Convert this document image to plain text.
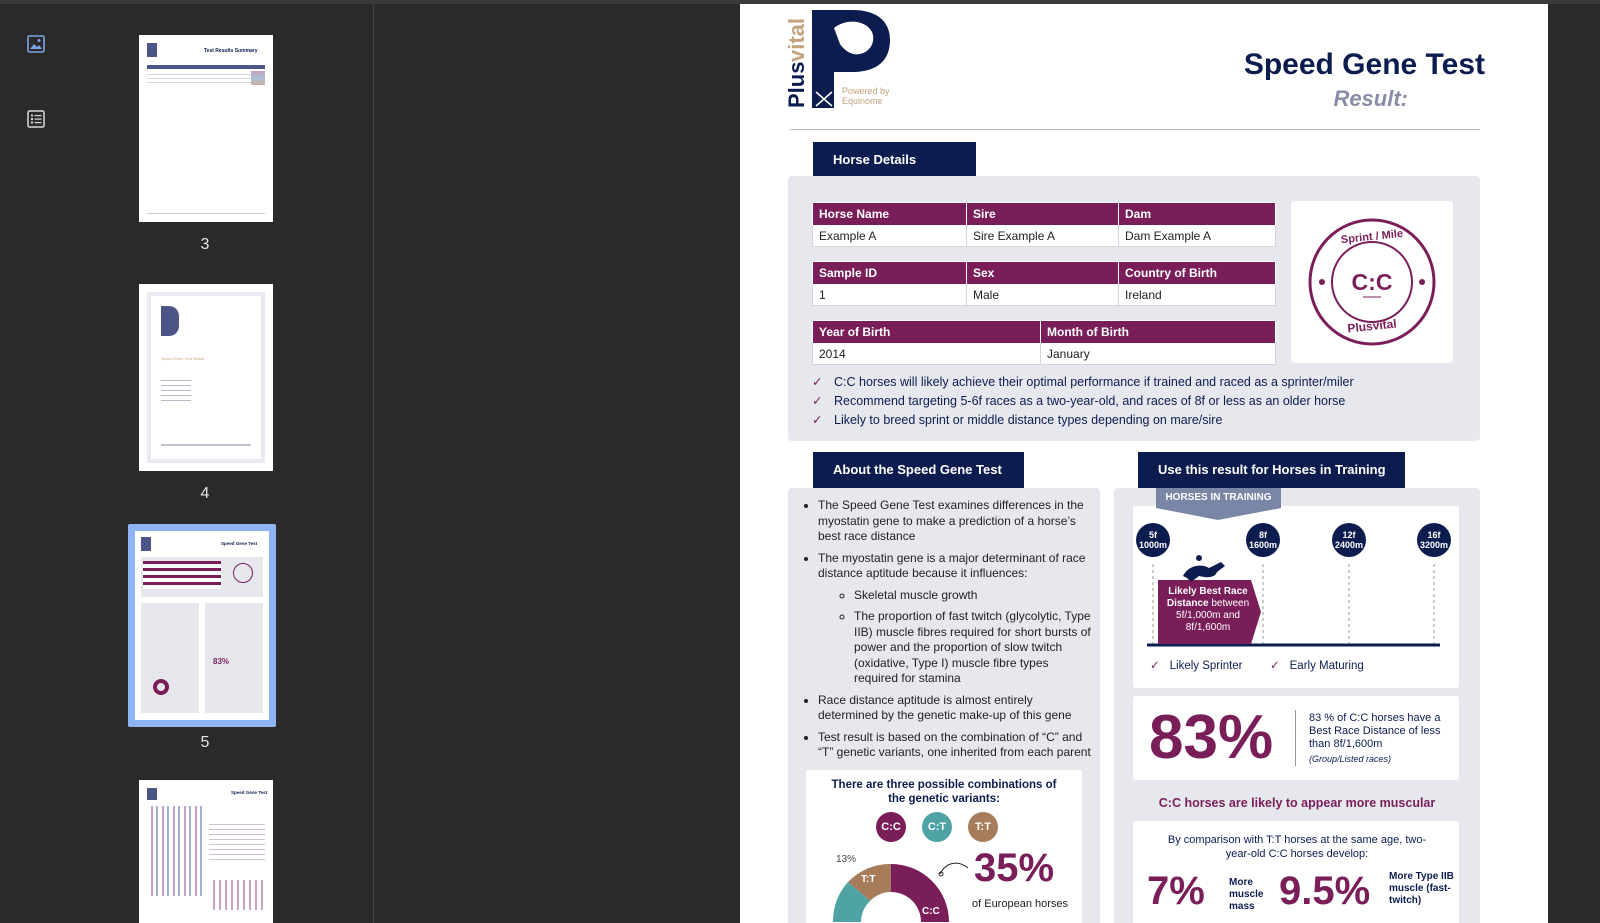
Test Results Summary
3
Speed Gene Test Result
4
Speed Gene Test
83%
5
Speed Gene Test
Plus
vital
Powered by
Equinome
Speed Gene Test
Result:
Horse Details
Horse Name	Sire	Dam
Example A	Sire Example A	Dam Example A
Sample ID	Sex	Country of Birth
1	Male	Ireland
Year of Birth	Month of Birth
2014	January
C:C
Sprint / Mile
Plusvital
✓ C:C horses will likely achieve their optimal performance if trained and raced as a sprinter/miler
✓ Recommend targeting 5-6f races as a two-year-old, and races of 8f or less as an older horse
✓ Likely to breed sprint or middle distance types depending on mare/sire
About the Speed Gene Test
• The Speed Gene Test examines differences in the myostatin gene to make a prediction of a horse’s best race distance
• The myostatin gene is a major determinant of race distance aptitude because it influences:
◦ Skeletal muscle growth
◦ The proportion of fast twitch (glycolytic, Type IIB) muscle fibres required for short bursts of power and the proportion of slow twitch (oxidative, Type I) muscle fibre types required for stamina
• Race distance aptitude is almost entirely determined by the genetic make-up of this gene
• Test result is based on the combination of “C” and “T” genetic variants, one inherited from each parent
There are three possible combinations of the genetic variants:
C:C	C:T	T:T
13%
T:T
C:C
35%
of European horses
Use this result for Horses in Training
HORSES IN TRAINING
5f
1000m
8f
1600m
12f
2400m
16f
3200m
Likely Best Race Distance between 5f/1,000m and 8f/1,600m
✓ Likely Sprinter ✓ Early Maturing
83%	83 % of C:C horses have a Best Race Distance of less than 8f/1,600m
(Group/Listed races)
C:C horses are likely to appear more muscular
By comparison with T:T horses at the same age, two-year-old C:C horses develop:
7% More muscle mass 9.5% More Type IIB muscle (fast-twitch)
